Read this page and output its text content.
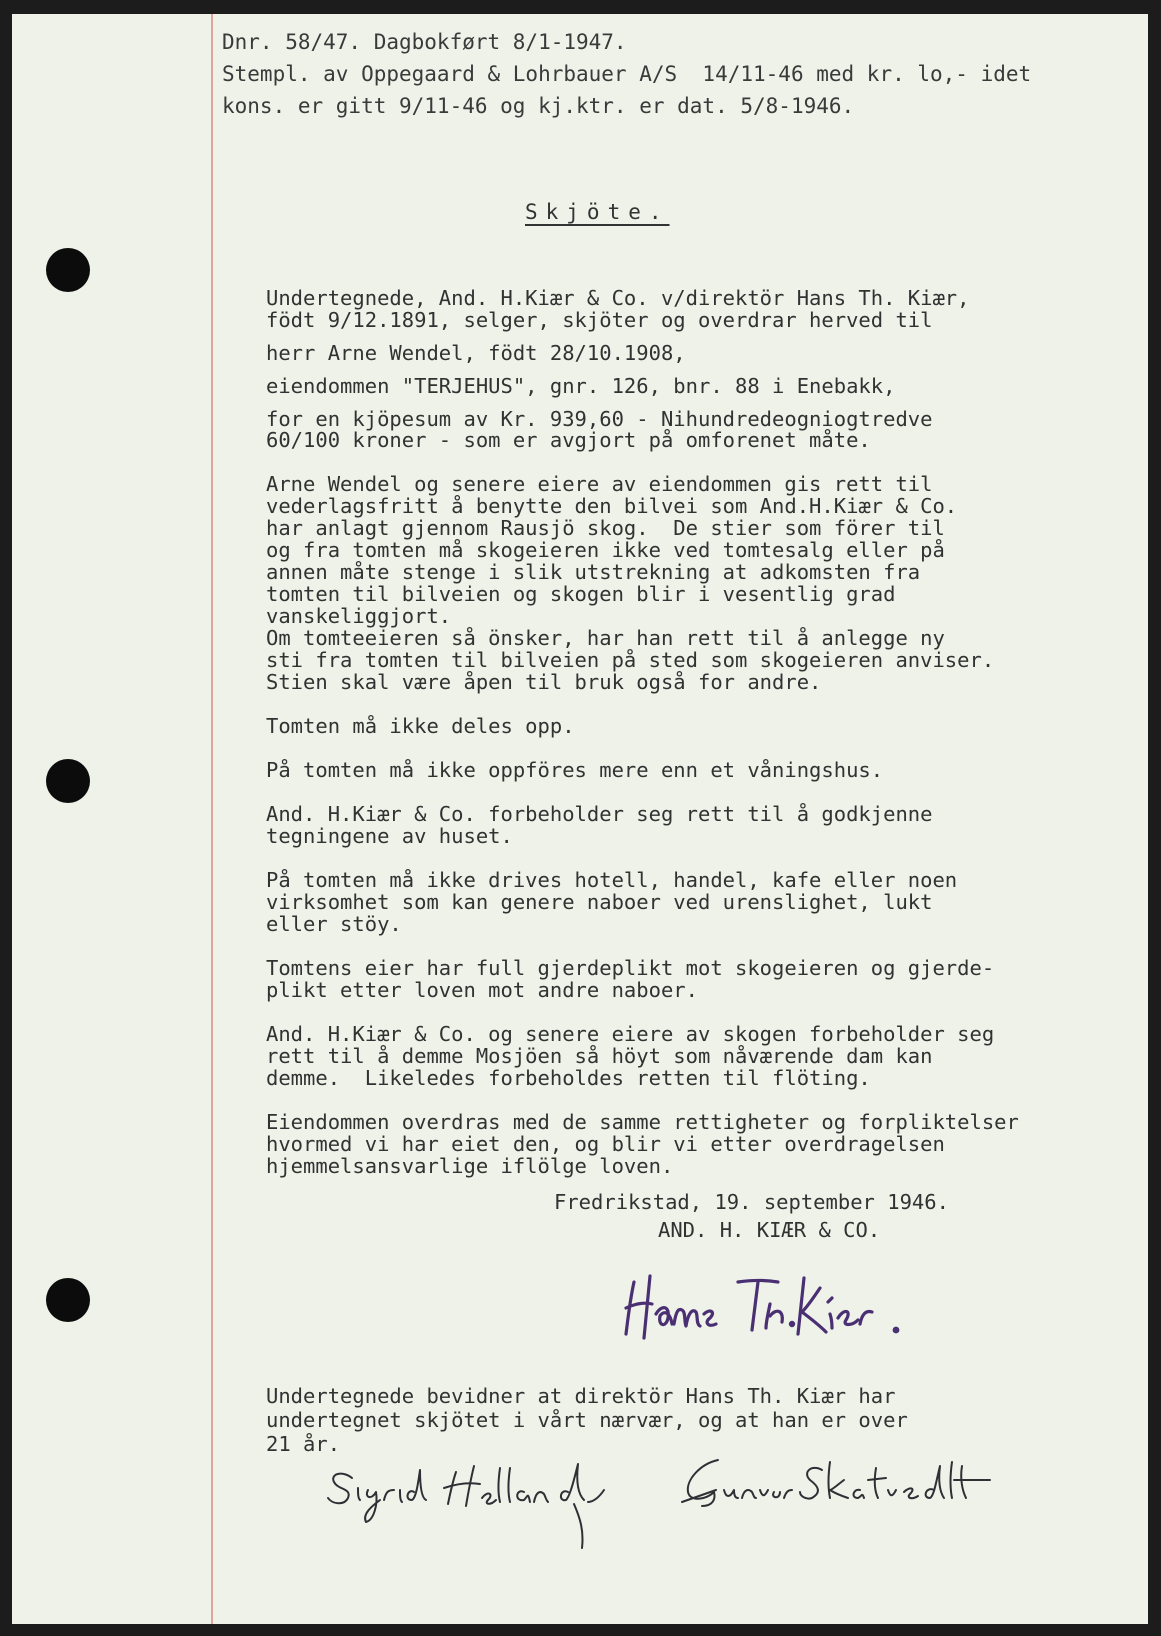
Dnr. 58/47. Dagbokført 8/1-1947.
Stempl. av Oppegaard & Lohrbauer A/S  14/11-46 med kr. lo,- idet
kons. er gitt 9/11-46 og kj.ktr. er dat. 5/8-1946.
Skjöte.
Undertegnede, And. H.Kiær & Co. v/direktör Hans Th. Kiær,
födt 9/12.1891, selger, skjöter og overdrar herved til
herr Arne Wendel, födt 28/10.1908,
eiendommen "TERJEHUS", gnr. 126, bnr. 88 i Enebakk,
for en kjöpesum av Kr. 939,60 - Nihundredeogniogtredve
60/100 kroner - som er avgjort på omforenet måte.
Arne Wendel og senere eiere av eiendommen gis rett til
vederlagsfritt å benytte den bilvei som And.H.Kiær & Co.
har anlagt gjennom Rausjö skog.  De stier som förer til
og fra tomten må skogeieren ikke ved tomtesalg eller på
annen måte stenge i slik utstrekning at adkomsten fra
tomten til bilveien og skogen blir i vesentlig grad
vanskeliggjort.
Om tomteeieren så önsker, har han rett til å anlegge ny
sti fra tomten til bilveien på sted som skogeieren anviser.
Stien skal være åpen til bruk også for andre.
Tomten må ikke deles opp.
På tomten må ikke oppföres mere enn et våningshus.
And. H.Kiær & Co. forbeholder seg rett til å godkjenne
tegningene av huset.
På tomten må ikke drives hotell, handel, kafe eller noen
virksomhet som kan genere naboer ved urenslighet, lukt
eller stöy.
Tomtens eier har full gjerdeplikt mot skogeieren og gjerde-
plikt etter loven mot andre naboer.
And. H.Kiær & Co. og senere eiere av skogen forbeholder seg
rett til å demme Mosjöen så höyt som nåværende dam kan
demme.  Likeledes forbeholdes retten til flöting.
Eiendommen overdras med de samme rettigheter og forpliktelser
hvormed vi har eiet den, og blir vi etter overdragelsen
hjemmelsansvarlige iflölge loven.
Fredrikstad, 19. september 1946.
AND. H. KIÆR & CO.
Undertegnede bevidner at direktör Hans Th. Kiær har
undertegnet skjötet i vårt nærvær, og at han er over
21 år.
